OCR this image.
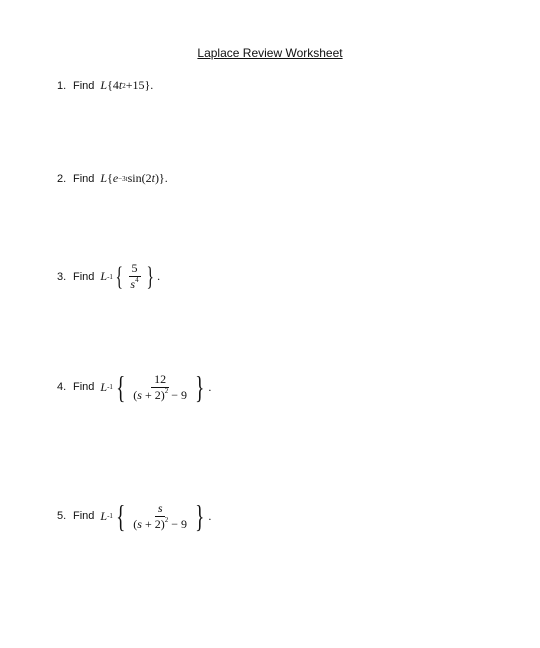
Laplace Review Worksheet
1. Find L {4 t 2 +15}.
2. Find L { e −3t sin(2 t )}.
3. Find L -1 { $\frac{5}{s^4}$ } .
4. Find L -1 { $\frac{12}{(s + 2)^2 - 9}$ } .
5. Find L -1 { $\frac{s}{(s + 2)^2 - 9}$ } .
